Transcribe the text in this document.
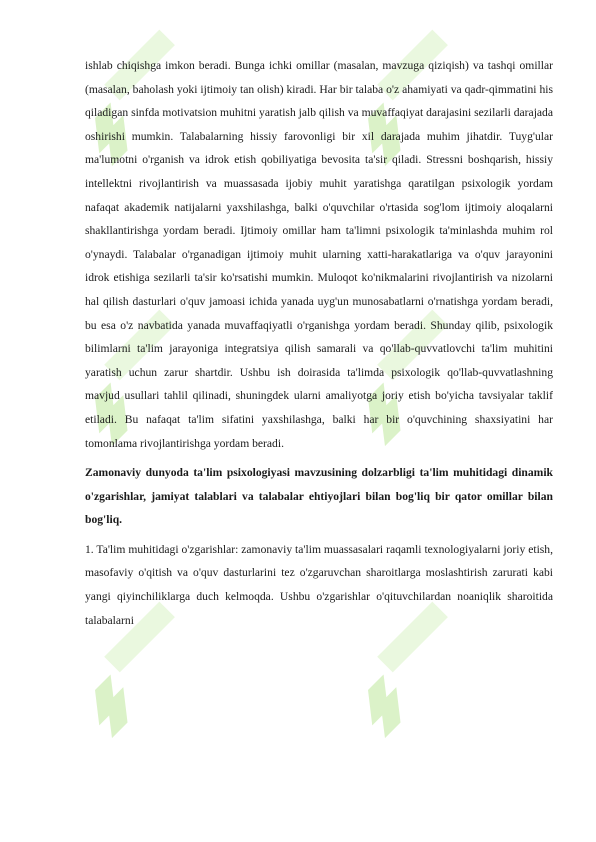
ishlab chiqishga imkon beradi. Bunga ichki omillar (masalan, mavzuga qiziqish) va tashqi omillar (masalan, baholash yoki ijtimoiy tan olish) kiradi. Har bir talaba o'z ahamiyati va qadr-qimmatini his qiladigan sinfda motivatsion muhitni yaratish jalb qilish va muvaffaqiyat darajasini sezilarli darajada oshirishi mumkin. Talabalarning hissiy farovonligi bir xil darajada muhim jihatdir. Tuyg'ular ma'lumotni o'rganish va idrok etish qobiliyatiga bevosita ta'sir qiladi. Stressni boshqarish, hissiy intellektni rivojlantirish va muassasada ijobiy muhit yaratishga qaratilgan psixologik yordam nafaqat akademik natijalarni yaxshilashga, balki o'quvchilar o'rtasida sog'lom ijtimoiy aloqalarni shakllantirishga yordam beradi. Ijtimoiy omillar ham ta'limni psixologik ta'minlashda muhim rol o'ynaydi. Talabalar o'rganadigan ijtimoiy muhit ularning xatti-harakatlariga va o'quv jarayonini idrok etishiga sezilarli ta'sir ko'rsatishi mumkin. Muloqot ko'nikmalarini rivojlantirish va nizolarni hal qilish dasturlari o'quv jamoasi ichida yanada uyg'un munosabatlarni o'rnatishga yordam beradi, bu esa o'z navbatida yanada muvaffaqiyatli o'rganishga yordam beradi. Shunday qilib, psixologik bilimlarni ta'lim jarayoniga integratsiya qilish samarali va qo'llab-quvvatlovchi ta'lim muhitini yaratish uchun zarur shartdir. Ushbu ish doirasida ta'limda psixologik qo'llab-quvvatlashning mavjud usullari tahlil qilinadi, shuningdek ularni amaliyotga joriy etish bo'yicha tavsiyalar taklif etiladi. Bu nafaqat ta'lim sifatini yaxshilashga, balki har bir o'quvchining shaxsiyatini har tomonlama rivojlantirishga yordam beradi.

Zamonaviy dunyoda ta'lim psixologiyasi mavzusining dolzarbligi ta'lim muhitidagi dinamik o'zgarishlar, jamiyat talablari va talabalar ehtiyojlari bilan bog'liq bir qator omillar bilan bog'liq.

1. Ta'lim muhitidagi o'zgarishlar: zamonaviy ta'lim muassasalari raqamli texnologiyalarni joriy etish, masofaviy o'qitish va o'quv dasturlarini tez o'zgaruvchan sharoitlarga moslashtirish zarurati kabi yangi qiyinchiliklarga duch kelmoqda. Ushbu o'zgarishlar o'qituvchilardan noaniqlik sharoitida talabalarni
